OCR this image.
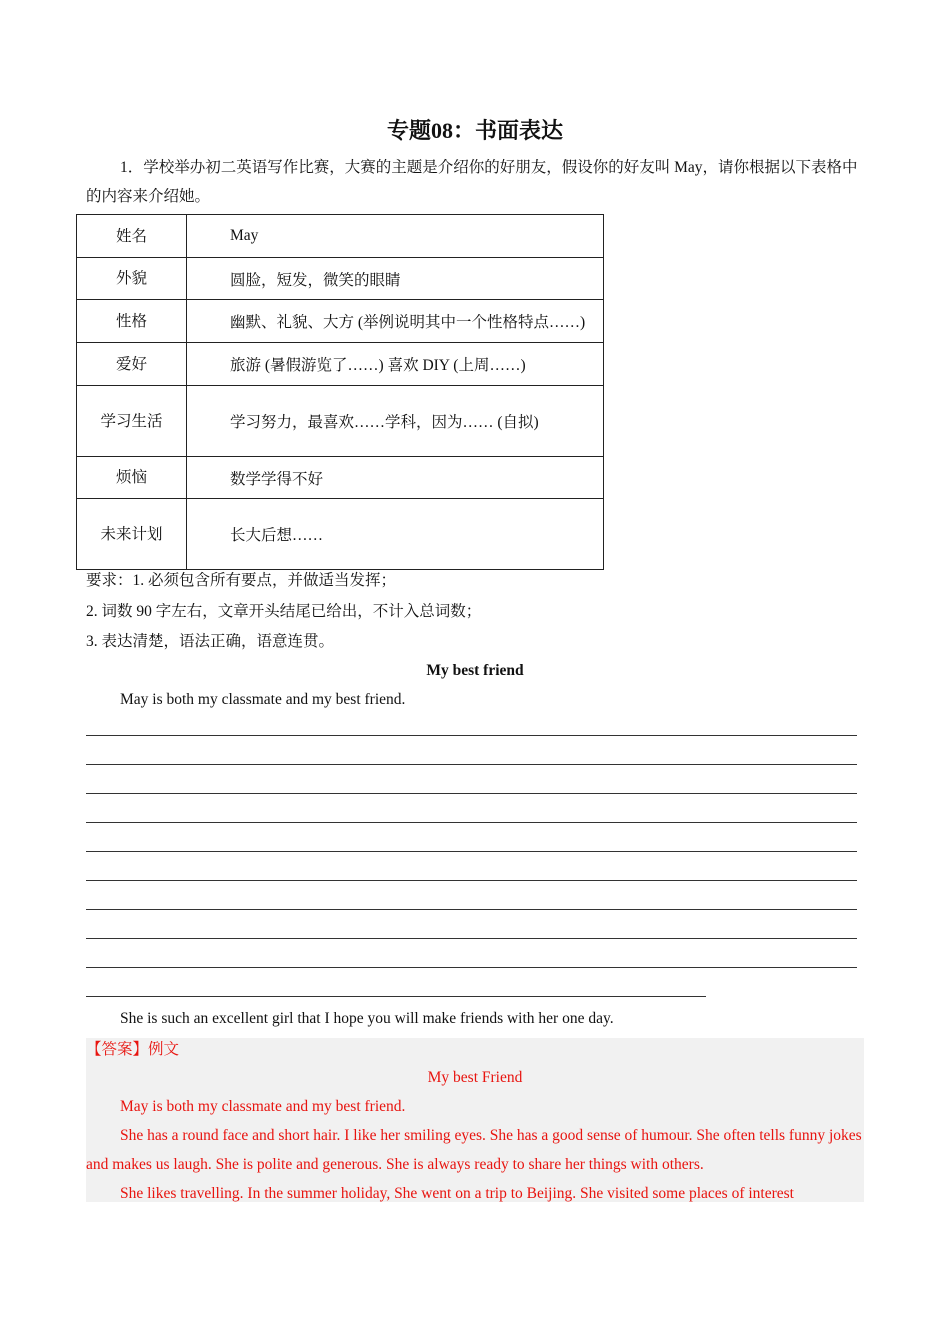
专题08：书面表达
1．学校举办初二英语写作比赛，大赛的主题是介绍你的好朋友，假设你的好友叫 May，请你根据以下表格中的内容来介绍她。
姓名	May
外貌	圆脸，短发，微笑的眼睛
性格	幽默、礼貌、大方 (举例说明其中一个性格特点……)
爱好	旅游 (暑假游览了……) 喜欢 DIY (上周……)
学习生活	学习努力，最喜欢……学科，因为…… (自拟)
烦恼	数学学得不好
未来计划	长大后想……
要求：1. 必须包含所有要点，并做适当发挥；
2. 词数 90 字左右，文章开头结尾已给出，不计入总词数；
3. 表达清楚，语法正确，语意连贯。
My best friend
May is both my classmate and my best friend.
She is such an excellent girl that I hope you will make friends with her one day.
【答案】例文
My best Friend
May is both my classmate and my best friend.
She has a round face and short hair. I like her smiling eyes. She has a good sense of humour. She often tells funny jokes and makes us laugh. She is polite and generous. She is always ready to share her things with others.
She likes travelling. In the summer holiday, She went on a trip to Beijing. She visited some places of interest
